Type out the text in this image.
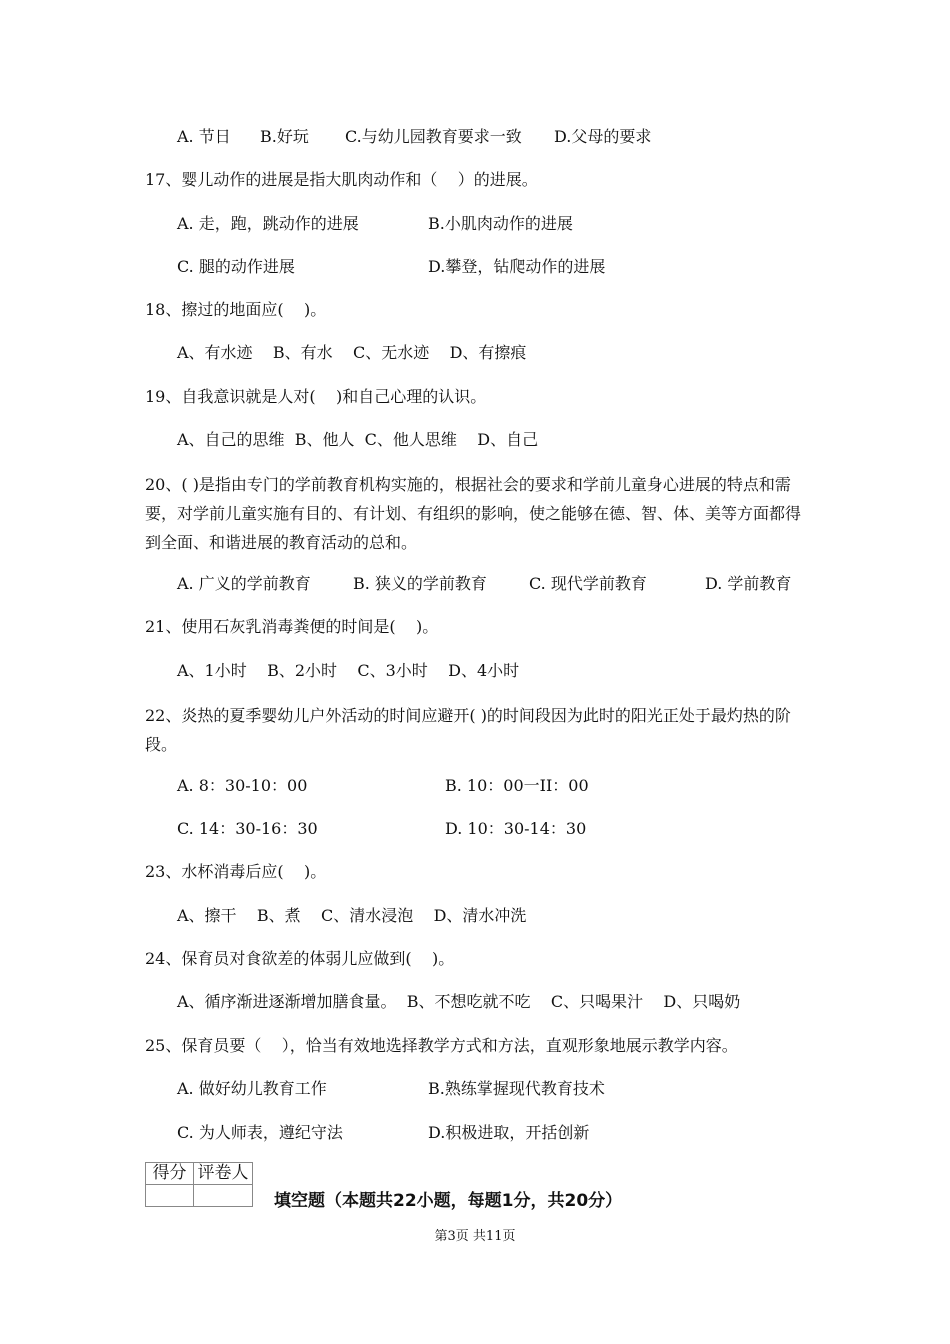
A. 节日 B.好玩 C.与幼儿园教育要求一致 D.父母的要求

17、婴儿动作的进展是指大肌肉动作和（    ）的进展。

A. 走，跑，跳动作的进展	B.小肌肉动作的进展
C. 腿的动作进展	D.攀登，钻爬动作的进展

18、擦过的地面应(    )。

A、有水迹    B、有水    C、无水迹    D、有擦痕

19、自我意识就是人对(    )和自己心理的认识。

A、自己的思维  B、他人  C、他人思维    D、自己

20、( )是指由专门的学前教育机构实施的，根据社会的要求和学前儿童身心进展的特点和需要，对学前儿童实施有目的、有计划、有组织的影响，使之能够在德、智、体、美等方面都得到全面、和谐进展的教育活动的总和。

A. 广义的学前教育	B. 狭义的学前教育	C. 现代学前教育	D. 学前教育

21、使用石灰乳消毒粪便的时间是(    )。

A、1小时    B、2小时    C、3小时    D、4小时

22、炎热的夏季婴幼儿户外活动的时间应避开( )的时间段因为此时的阳光正处于最灼热的阶段。

A. 8：30-10：00	B. 10：00一II：00
C. 14：30-16：30	D. 10：30-14：30

23、水杯消毒后应(    )。

A、擦干    B、煮    C、清水浸泡    D、清水冲洗

24、保育员对食欲差的体弱儿应做到(    )。

A、循序渐进逐渐增加膳食量。  B、不想吃就不吃    C、只喝果汁    D、只喝奶

25、保育员要（    ），恰当有效地选择教学方式和方法，直观形象地展示教学内容。

A. 做好幼儿教育工作	B.熟练掌握现代教育技术
C. 为人师表，遵纪守法	D.积极进取，开括创新
得分	评卷人

填空题（本题共22小题，每题1分，共20分）
第3页 共11页
